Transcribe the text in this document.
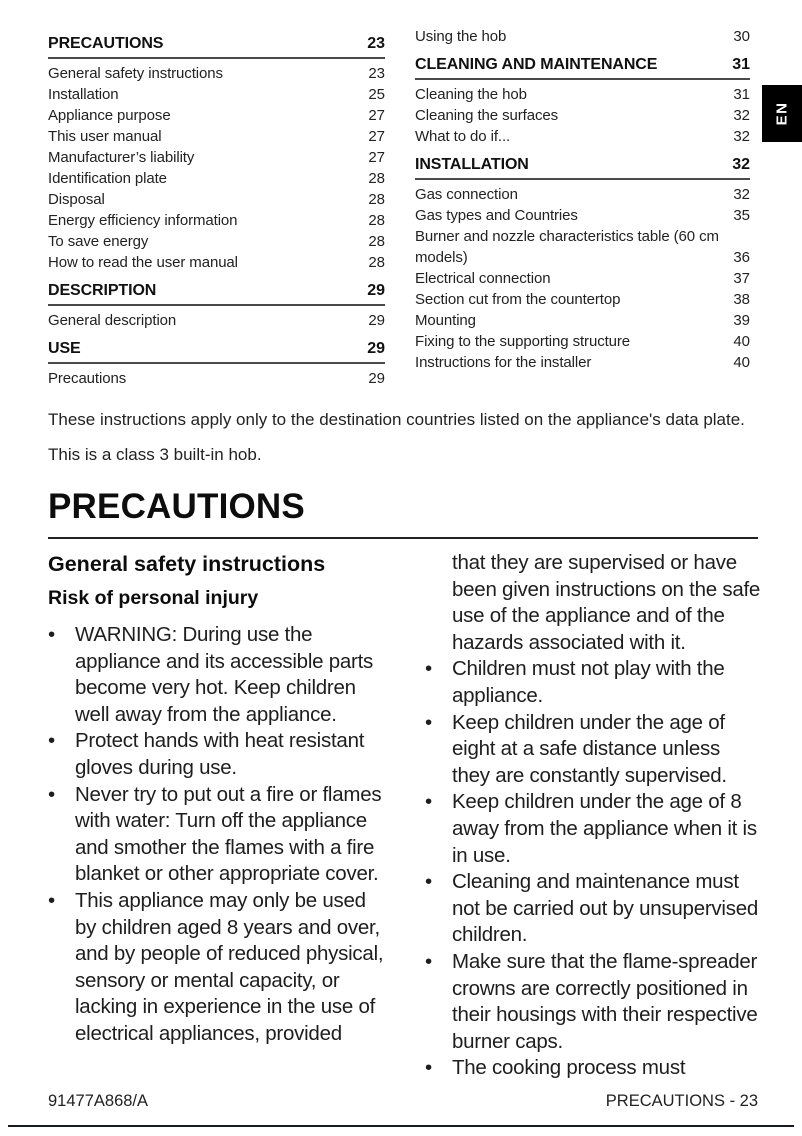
EN
PRECAUTIONS	23
General safety instructions	23
Installation	25
Appliance purpose	27
This user manual	27
Manufacturer’s liability	27
Identification plate	28
Disposal	28
Energy efficiency information	28
To save energy	28
How to read the user manual	28
DESCRIPTION	29
General description	29
USE	29
Precautions	29
Using the hob	30
CLEANING AND MAINTENANCE	31
Cleaning the hob	31
Cleaning the surfaces	32
What to do if...	32
INSTALLATION	32
Gas connection	32
Gas types and Countries	35
Burner and nozzle characteristics table (60 cm models)	36
Electrical connection	37
Section cut from the countertop	38
Mounting	39
Fixing to the supporting structure	40
Instructions for the installer	40

These instructions apply only to the destination countries listed on the appliance's data plate.

This is a class 3 built-in hob.

PRECAUTIONS
General safety instructions
Risk of personal injury
• WARNING: During use the appliance and its accessible parts become very hot. Keep children well away from the appliance.
• Protect hands with heat resistant gloves during use.
• Never try to put out a fire or flames with water: Turn off the appliance and smother the flames with a fire blanket or other appropriate cover.
• This appliance may only be used by children aged 8 years and over, and by people of reduced physical, sensory or mental capacity, or lacking in experience in the use of electrical appliances, provided
that they are supervised or have been given instructions on the safe use of the appliance and of the hazards associated with it.
• Children must not play with the appliance.
• Keep children under the age of eight at a safe distance unless they are constantly supervised.
• Keep children under the age of 8 away from the appliance when it is in use.
• Cleaning and maintenance must not be carried out by unsupervised children.
• Make sure that the flame-spreader crowns are correctly positioned in their housings with their respective burner caps.
• The cooking process must
91477A868/A	PRECAUTIONS - 23
